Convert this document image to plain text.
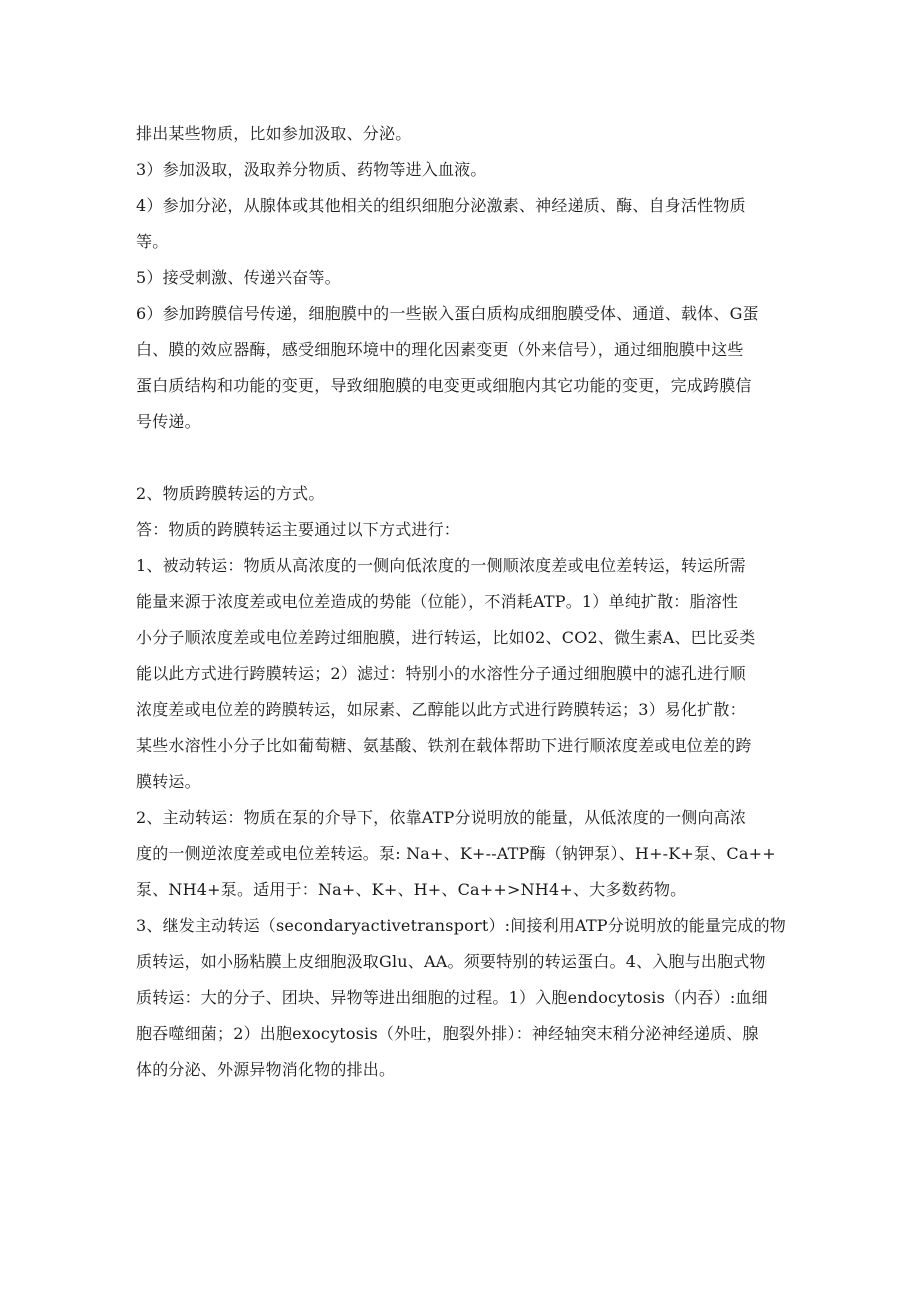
排出某些物质，比如参加汲取、分泌。
3）参加汲取，汲取养分物质、药物等进入血液。
4）参加分泌，从腺体或其他相关的组织细胞分泌激素、神经递质、酶、自身活性物质
等。
5）接受刺激、传递兴奋等。
6）参加跨膜信号传递，细胞膜中的一些嵌入蛋白质构成细胞膜受体、通道、载体、G蛋
白、膜的效应器酶，感受细胞环境中的理化因素变更（外来信号），通过细胞膜中这些
蛋白质结构和功能的变更，导致细胞膜的电变更或细胞内其它功能的变更，完成跨膜信
号传递。
2、物质跨膜转运的方式。
答：物质的跨膜转运主要通过以下方式进行：
1、被动转运：物质从高浓度的一侧向低浓度的一侧顺浓度差或电位差转运，转运所需
能量来源于浓度差或电位差造成的势能（位能），不消耗ATP。1）单纯扩散：脂溶性
小分子顺浓度差或电位差跨过细胞膜，进行转运，比如02、CO2、微生素A、巴比妥类
能以此方式进行跨膜转运；2）滤过：特别小的水溶性分子通过细胞膜中的滤孔进行顺
浓度差或电位差的跨膜转运，如尿素、乙醇能以此方式进行跨膜转运；3）易化扩散：
某些水溶性小分子比如葡萄糖、氨基酸、铁剂在载体帮助下进行顺浓度差或电位差的跨
膜转运。
2、主动转运：物质在泵的介导下，依靠ATP分说明放的能量，从低浓度的一侧向高浓
度的一侧逆浓度差或电位差转运。泵: Na+、K+--ATP酶（钠钾泵）、H+-K+泵、Ca++
泵、NH4+泵。适用于：Na+、K+、H+、Ca++>NH4+、大多数药物。
3、继发主动转运（secondaryactivetransport）:间接利用ATP分说明放的能量完成的物
质转运，如小肠粘膜上皮细胞汲取Glu、AA。须要特别的转运蛋白。4、入胞与出胞式物
质转运：大的分子、团块、异物等进出细胞的过程。1）入胞endocytosis（内吞）:血细
胞吞噬细菌；2）出胞exocytosis（外吐，胞裂外排）：神经轴突末稍分泌神经递质、腺
体的分泌、外源异物消化物的排出。
